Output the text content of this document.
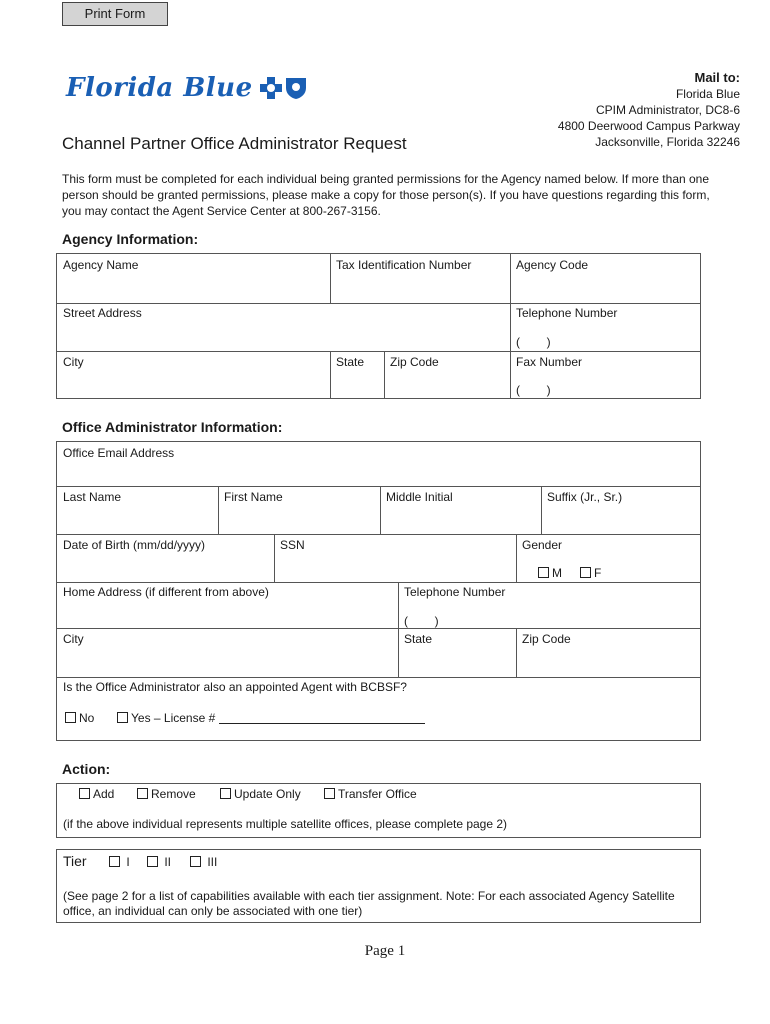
Print Form
Florida Blue	Mail to:
Florida Blue
CPIM Administrator, DC8-6
4800 Deerwood Campus Parkway
Jacksonville, Florida 32246
Channel Partner Office Administrator Request
This form must be completed for each individual being granted permissions for the Agency named below. If more than one person should be granted permissions, please make a copy for those person(s). If you have questions regarding this form, you may contact the Agent Service Center at 800-267-3156.
Agency Information:
Agency Name	Tax Identification Number	Agency Code
Street Address	Telephone Number
(        )
City	State Zip Code	Fax Number
(        )
Office Administrator Information:
Office Email Address
Last Name	First Name	Middle Initial	Suffix (Jr., Sr.)
Date of Birth (mm/dd/yyyy)	SSN	Gender
M	F
Home Address (if different from above)	Telephone Number
(        )
City	State	Zip Code
Is the Office Administrator also an appointed Agent with BCBSF?
No	Yes – License #
Action:
Add	Remove	Update Only	Transfer Office
(if the above individual represents multiple satellite offices, please complete page 2)
Tier	I	II	III
(See page 2 for a list of capabilities available with each tier assignment. Note: For each associated Agency Satellite office, an individual can only be associated with one tier)
Page 1
